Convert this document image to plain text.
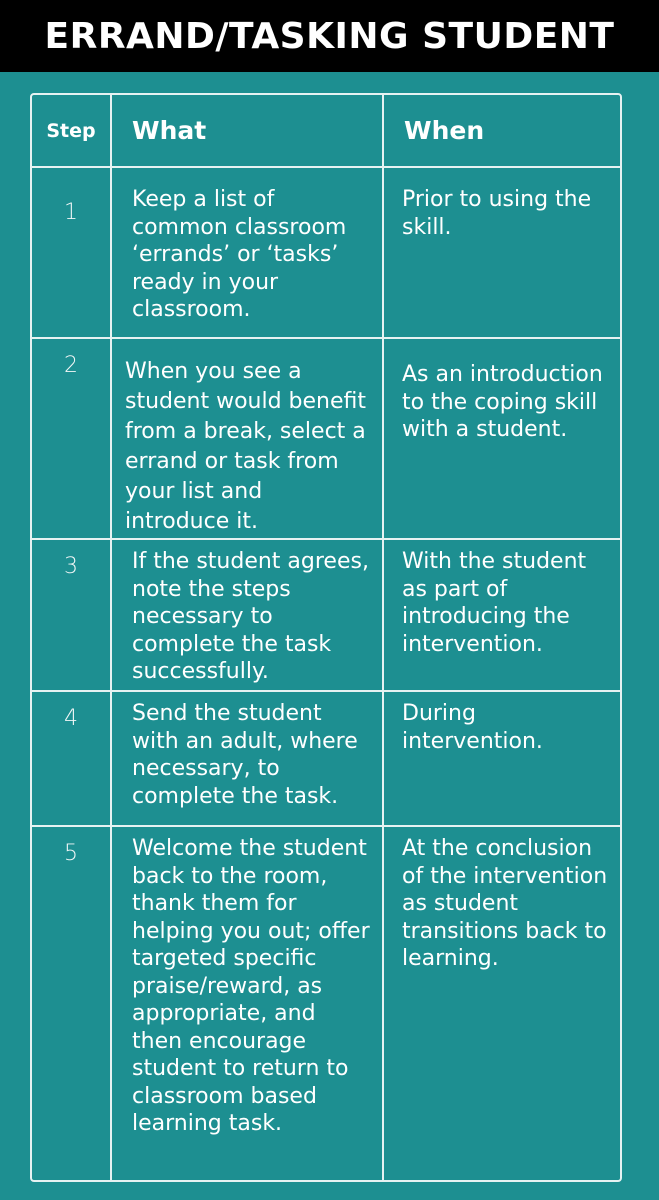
ERRAND/TASKING STUDENT
Step	What	When
1	Keep a list of common classroom ‘errands’ or ‘tasks’ ready in your classroom.	Prior to using the skill.
2	When you see a student would benefit from a break, select a errand or task from your list and introduce it.	As an introduction to the coping skill with a student.
3	If the student agrees, note the steps necessary to complete the task successfully.	With the student as part of introducing the intervention.
4	Send the student with an adult, where necessary, to complete the task.	During intervention.
5	Welcome the student back to the room, thank them for helping you out; offer targeted specific praise/reward, as appropriate, and then encourage student to return to classroom based learning task.	At the conclusion of the intervention as student transitions back to learning.
